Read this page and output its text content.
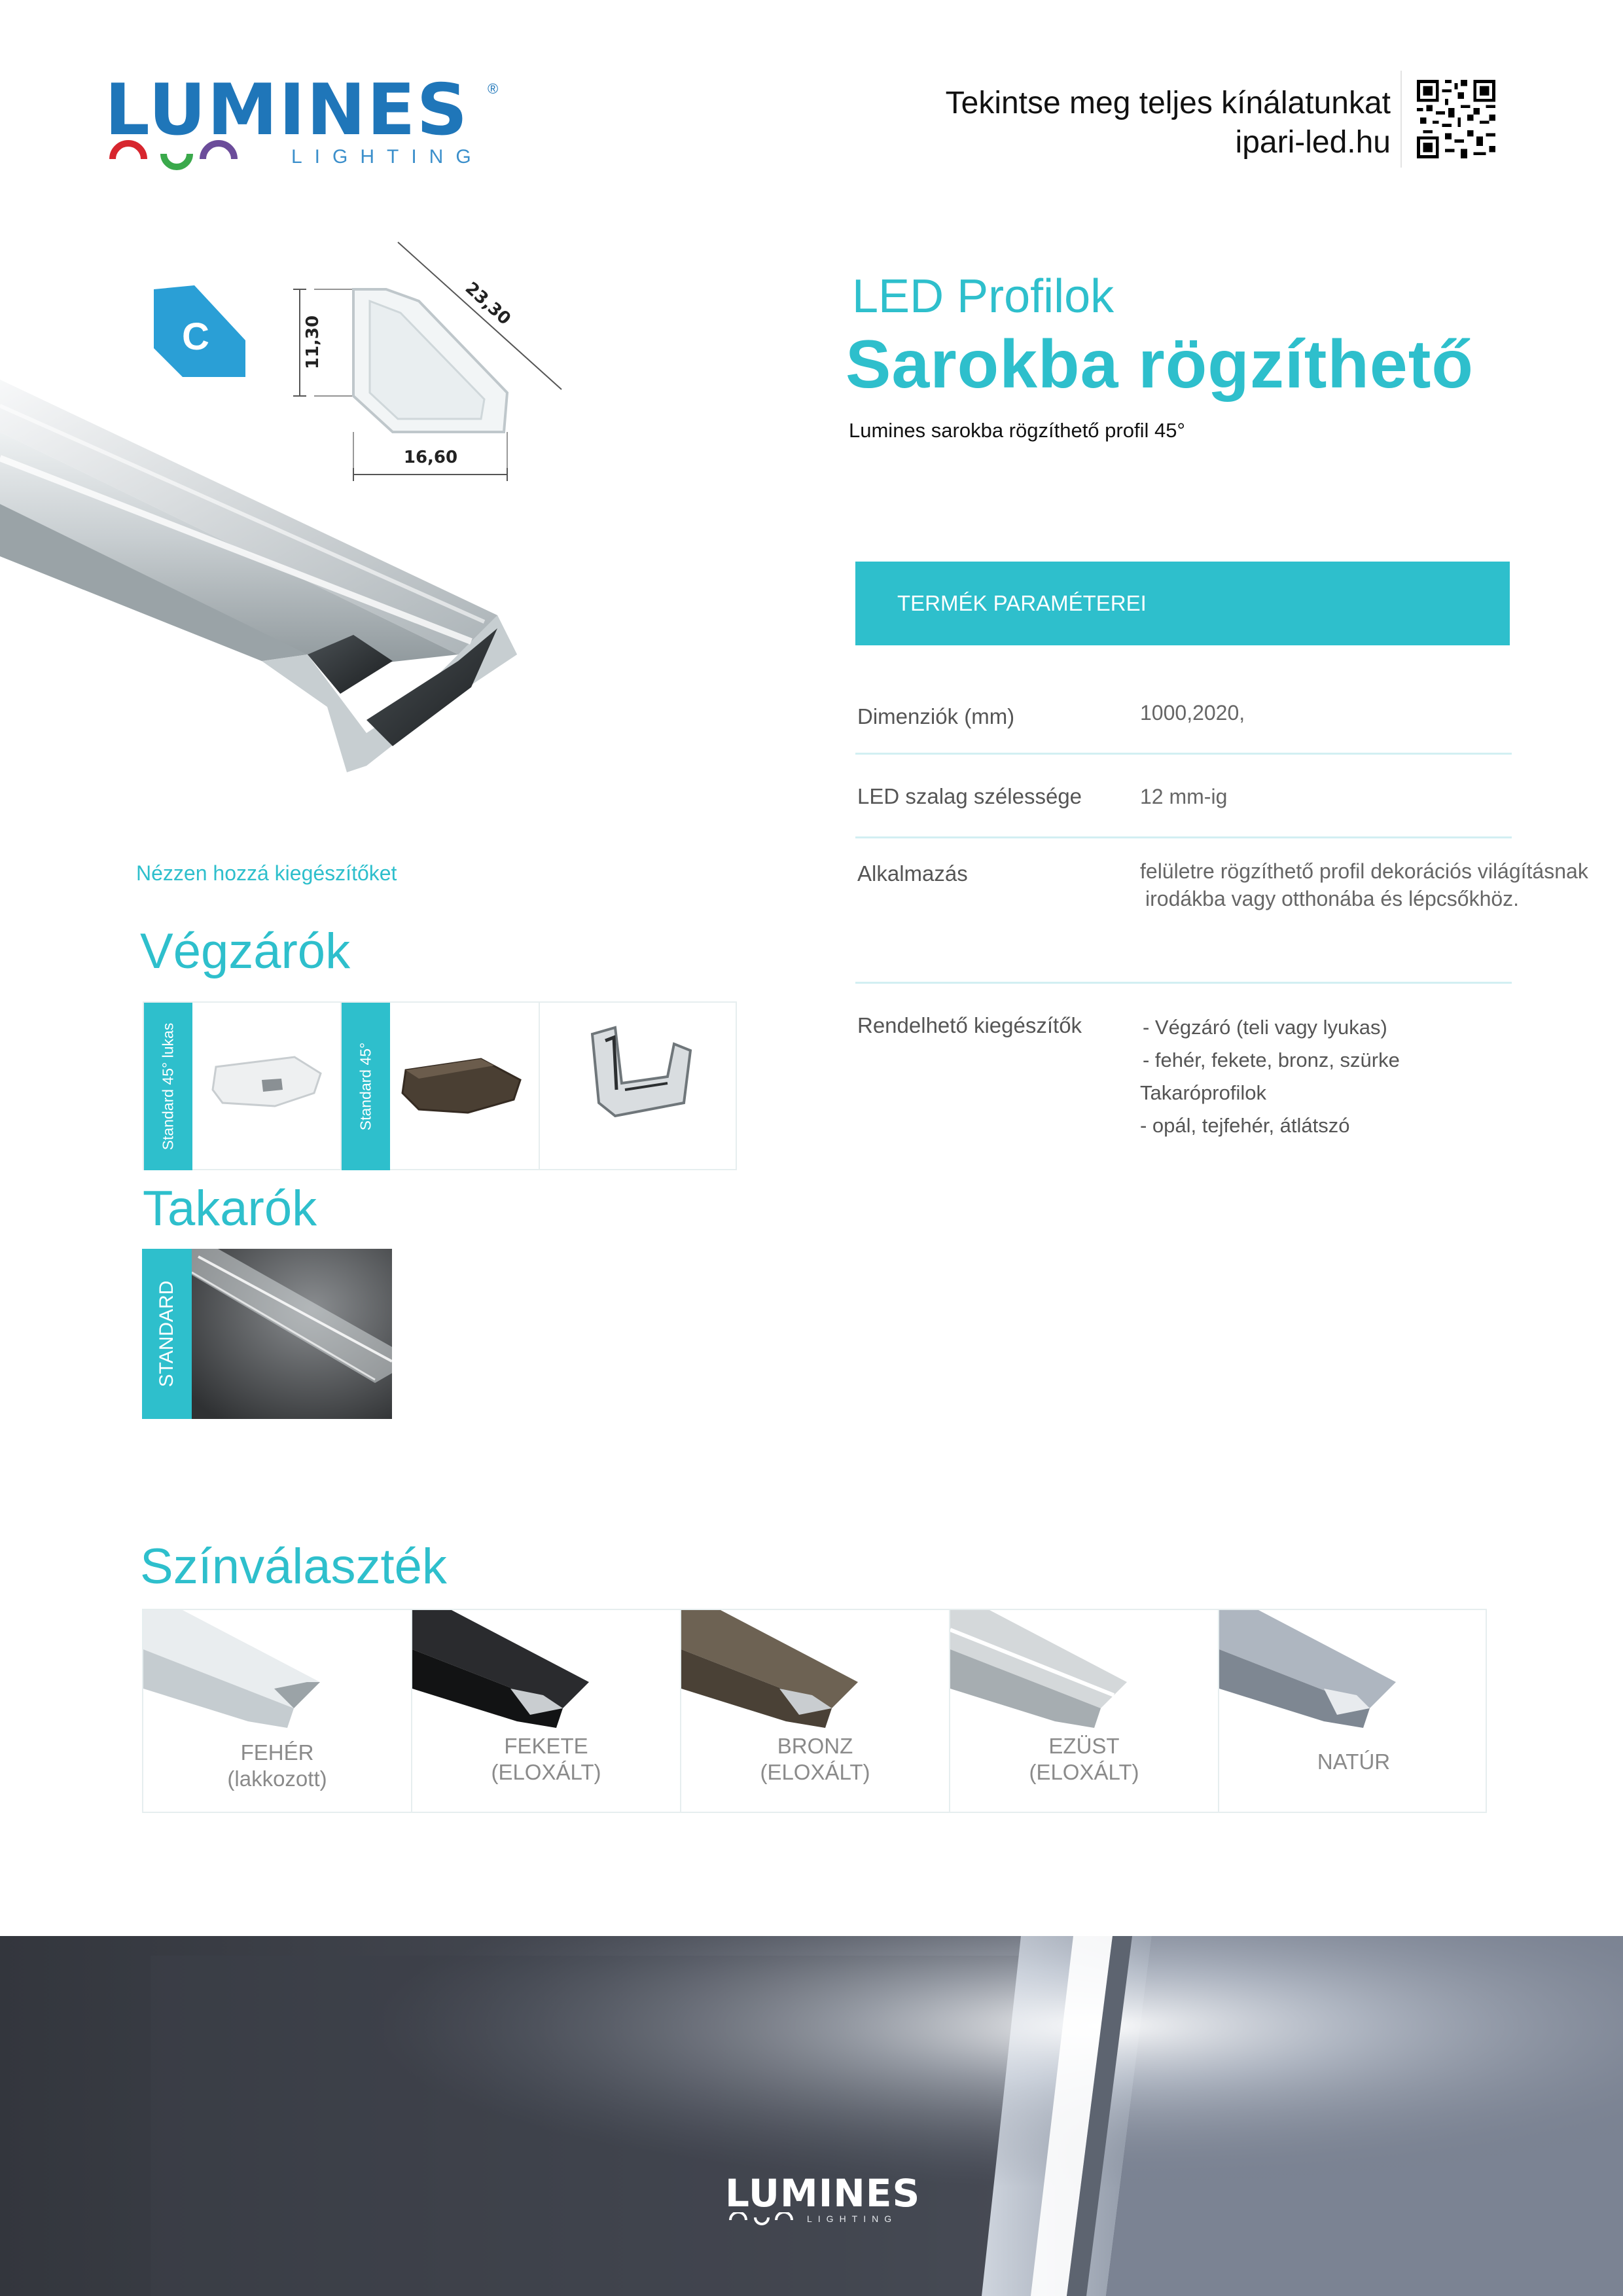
LUMINES	®
LIGHTING
Tekintse meg teljes kínálatunkat
ipari-led.hu
C	11,30
16,60
23,30	LED Profilok
Sarokba rögzíthető
Lumines sarokba rögzíthető profil 45°
TERMÉK PARAMÉTEREI
Dimenziók (mm)	1000,2020,
LED szalag szélessége	12 mm-ig
Alkalmazás	felületre rögzíthető profil dekorációs világításnak
irodákba vagy otthonába és lépcsőkhöz.
Rendelhető kiegészítők	- Végzáró (teli vagy lyukas)
- fehér, fekete, bronz, szürke
Takaróprofilok
- opál, tejfehér, átlátszó
Nézzen hozzá kiegészítőket
Végzárók
Standard 45° lukas	Standard 45°
Takarók
STANDARD
Színválaszték
FEHÉR
(lakkozott)
FEKETE
(ELOXÁLT)
BRONZ
(ELOXÁLT)
EZÜST
(ELOXÁLT)	NATÚR
LUMINES
LIGHTING
